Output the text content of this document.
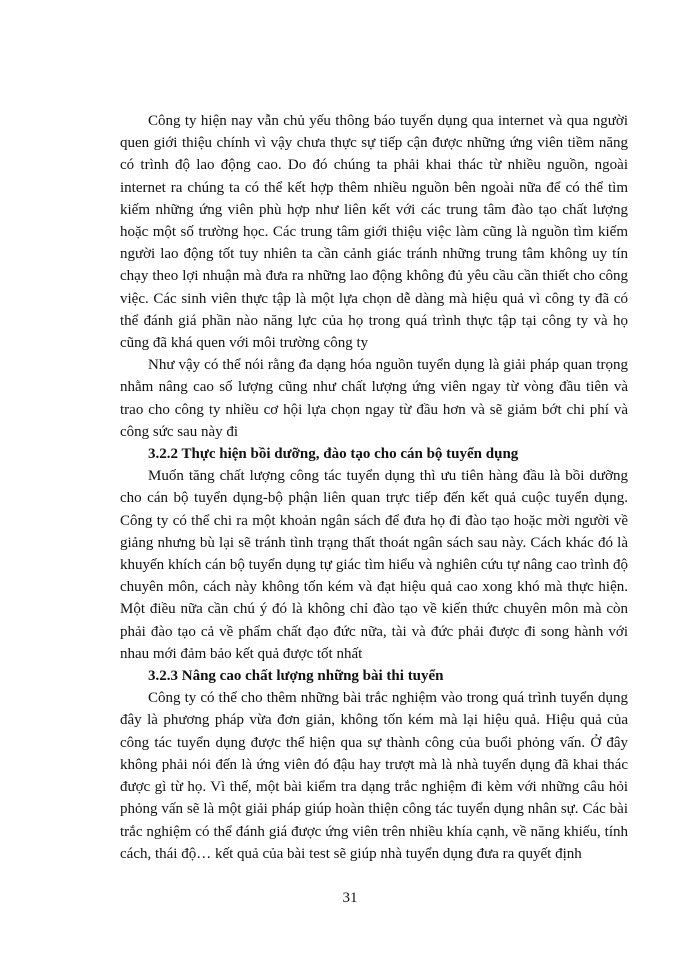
Công ty hiện nay vẫn chủ yếu thông báo tuyển dụng qua internet và qua người quen giới thiệu chính vì vậy chưa thực sự tiếp cận được những ứng viên tiềm năng có trình độ lao động cao. Do đó chúng ta phải khai thác từ nhiều nguồn, ngoài internet ra chúng ta có thể kết hợp thêm nhiều nguồn bên ngoài nữa để có thể tìm kiếm những ứng viên phù hợp như liên kết với các trung tâm đào tạo chất lượng hoặc một số trường học. Các trung tâm giới thiệu việc làm cũng là nguồn tìm kiếm người lao động tốt tuy nhiên ta cần cảnh giác tránh những trung tâm không uy tín chạy theo lợi nhuận mà đưa ra những lao động không đủ yêu cầu cần thiết cho công việc. Các sinh viên thực tập là một lựa chọn dễ dàng mà hiệu quả vì công ty đã có thể đánh giá phần nào năng lực của họ trong quá trình thực tập tại công ty và họ cũng đã khá quen với môi trường công ty

Như vậy có thể nói rằng đa dạng hóa nguồn tuyển dụng là giải pháp quan trọng nhằm nâng cao số lượng cũng như chất lượng ứng viên ngay từ vòng đầu tiên và trao cho công ty nhiều cơ hội lựa chọn ngay từ đầu hơn và sẽ giảm bớt chi phí và công sức sau này đi

3.2.2 Thực hiện bồi dưỡng, đào tạo cho cán bộ tuyển dụng

Muốn tăng chất lượng công tác tuyển dụng thì ưu tiên hàng đầu là bồi dưỡng cho cán bộ tuyển dụng-bộ phận liên quan trực tiếp đến kết quả cuộc tuyển dụng. Công ty có thể chi ra một khoản ngân sách để đưa họ đi đào tạo hoặc mời người về giảng nhưng bù lại sẽ tránh tình trạng thất thoát ngân sách sau này. Cách khác đó là khuyến khích cán bộ tuyển dụng tự giác tìm hiểu và nghiên cứu tự nâng cao trình độ chuyên môn, cách này không tốn kém và đạt hiệu quả cao xong khó mà thực hiện. Một điều nữa cần chú ý đó là không chỉ đào tạo về kiến thức chuyên môn mà còn phải đào tạo cả về phẩm chất đạo đức nữa, tài và đức phải được đi song hành với nhau mới đảm bảo kết quả được tốt nhất

3.2.3 Nâng cao chất lượng những bài thi tuyển

Công ty có thể cho thêm những bài trắc nghiệm vào trong quá trình tuyển dụng đây là phương pháp vừa đơn giản, không tốn kém mà lại hiệu quả. Hiệu quả của công tác tuyển dụng được thể hiện qua sự thành công của buổi phỏng vấn. Ở đây không phải nói đến là ứng viên đó đậu hay trượt mà là nhà tuyển dụng đã khai thác được gì từ họ. Vì thế, một bài kiểm tra dạng trắc nghiệm đi kèm với những câu hỏi phỏng vấn sẽ là một giải pháp giúp hoàn thiện công tác tuyển dụng nhân sự. Các bài trắc nghiệm có thể đánh giá được ứng viên trên nhiều khía cạnh, về năng khiếu, tính cách, thái độ… kết quả của bài test sẽ giúp nhà tuyển dụng đưa ra quyết định

31
